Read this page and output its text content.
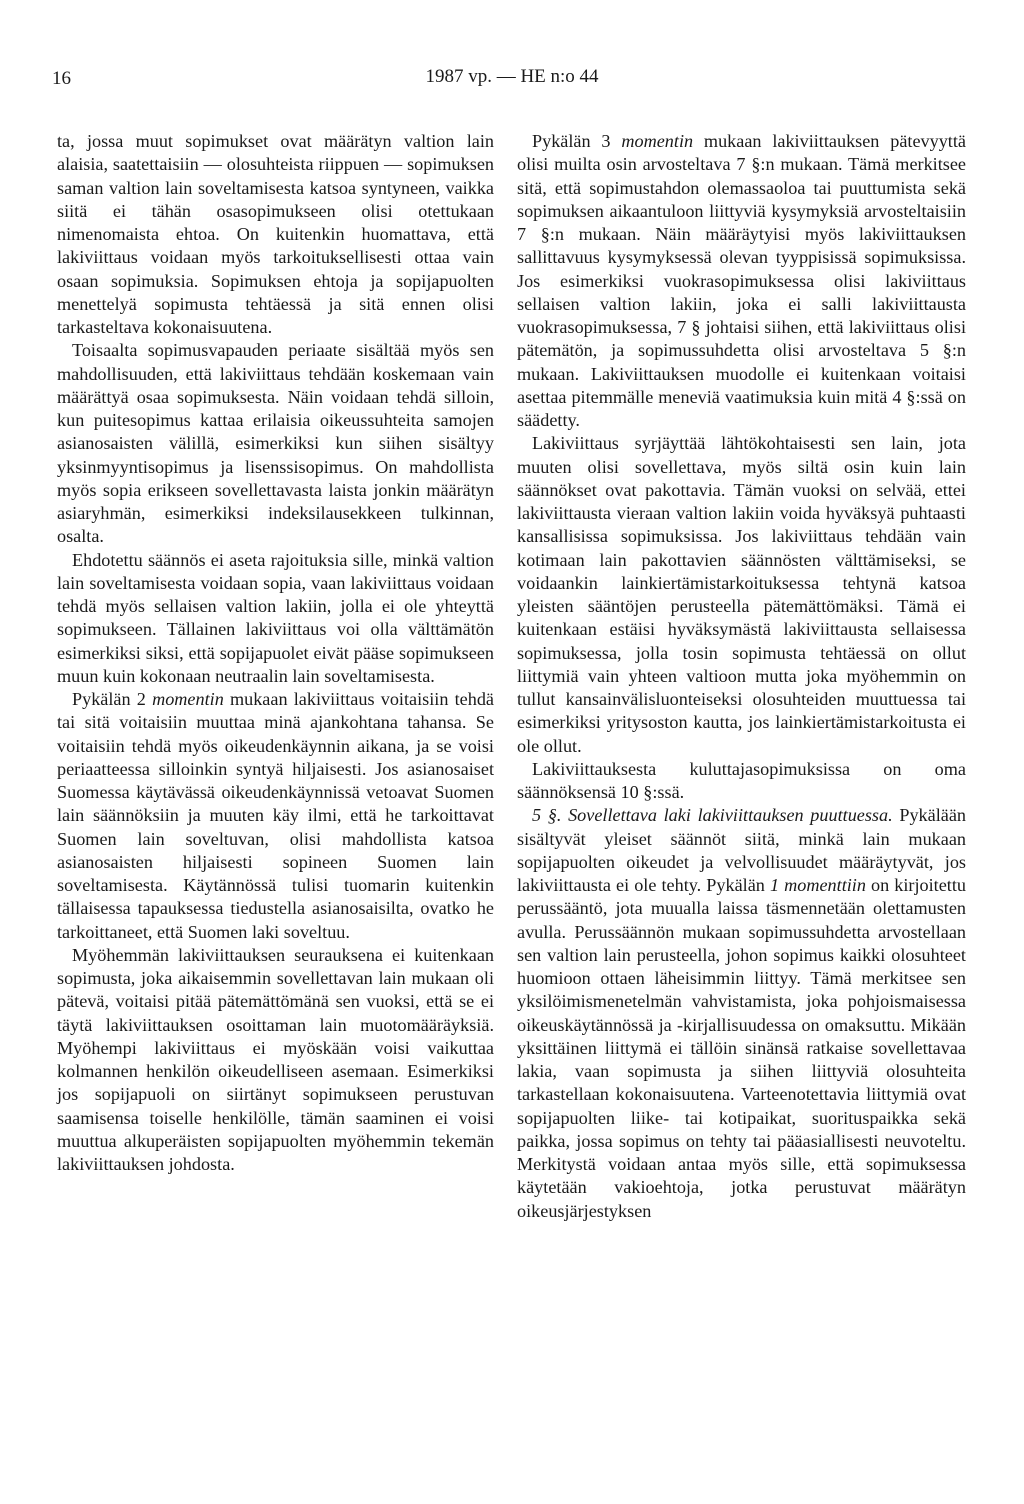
16	1987 vp. — HE n:o 44

ta, jossa muut sopimukset ovat määrätyn valtion lain alaisia, saatettaisiin — olosuhteista riippuen — sopimuksen saman valtion lain soveltamisesta katsoa syntyneen, vaikka siitä ei tähän osasopimukseen olisi otettukaan nimenomaista ehtoa. On kuitenkin huomattava, että lakiviittaus voidaan myös tarkoituksellisesti ottaa vain osaan sopimuksia. Sopimuksen ehtoja ja sopijapuolten menettelyä sopimusta tehtäessä ja sitä ennen olisi tarkasteltava kokonaisuutena.

Toisaalta sopimusvapauden periaate sisältää myös sen mahdollisuuden, että lakiviittaus tehdään koskemaan vain määrättyä osaa sopimuksesta. Näin voidaan tehdä silloin, kun puitesopimus kattaa erilaisia oikeussuhteita samojen asianosaisten välillä, esimerkiksi kun siihen sisältyy yksinmyyntisopimus ja lisenssisopimus. On mahdollista myös sopia erikseen sovellettavasta laista jonkin määrätyn asiaryhmän, esimerkiksi indeksilausekkeen tulkinnan, osalta.

Ehdotettu säännös ei aseta rajoituksia sille, minkä valtion lain soveltamisesta voidaan sopia, vaan lakiviittaus voidaan tehdä myös sellaisen valtion lakiin, jolla ei ole yhteyttä sopimukseen. Tällainen lakiviittaus voi olla välttämätön esimerkiksi siksi, että sopijapuolet eivät pääse sopimukseen muun kuin kokonaan neutraalin lain soveltamisesta.

Pykälän 2 momentin mukaan lakiviittaus voitaisiin tehdä tai sitä voitaisiin muuttaa minä ajankohtana tahansa. Se voitaisiin tehdä myös oikeudenkäynnin aikana, ja se voisi periaatteessa silloinkin syntyä hiljaisesti. Jos asianosaiset Suomessa käytävässä oikeudenkäynnissä vetoavat Suomen lain säännöksiin ja muuten käy ilmi, että he tarkoittavat Suomen lain soveltuvan, olisi mahdollista katsoa asianosaisten hiljaisesti sopineen Suomen lain soveltamisesta. Käytännössä tulisi tuomarin kuitenkin tällaisessa tapauksessa tiedustella asianosaisilta, ovatko he tarkoittaneet, että Suomen laki soveltuu.

Myöhemmän lakiviittauksen seurauksena ei kuitenkaan sopimusta, joka aikaisemmin sovellettavan lain mukaan oli pätevä, voitaisi pitää pätemättömänä sen vuoksi, että se ei täytä lakiviittauksen osoittaman lain muotomääräyksiä. Myöhempi lakiviittaus ei myöskään voisi vaikuttaa kolmannen henkilön oikeudelliseen asemaan. Esimerkiksi jos sopijapuoli on siirtänyt sopimukseen perustuvan saamisensa toiselle henkilölle, tämän saaminen ei voisi muuttua alkuperäisten sopijapuolten myöhemmin tekemän lakiviittauksen johdosta.

Pykälän 3 momentin mukaan lakiviittauksen pätevyyttä olisi muilta osin arvosteltava 7 §:n mukaan. Tämä merkitsee sitä, että sopimustahdon olemassaoloa tai puuttumista sekä sopimuksen aikaantuloon liittyviä kysymyksiä arvosteltaisiin 7 §:n mukaan. Näin määräytyisi myös lakiviittauksen sallittavuus kysymyksessä olevan tyyppisissä sopimuksissa. Jos esimerkiksi vuokrasopimuksessa olisi lakiviittaus sellaisen valtion lakiin, joka ei salli lakiviittausta vuokrasopimuksessa, 7 § johtaisi siihen, että lakiviittaus olisi pätemätön, ja sopimussuhdetta olisi arvosteltava 5 §:n mukaan. Lakiviittauksen muodolle ei kuitenkaan voitaisi asettaa pitemmälle meneviä vaatimuksia kuin mitä 4 §:ssä on säädetty.

Lakiviittaus syrjäyttää lähtökohtaisesti sen lain, jota muuten olisi sovellettava, myös siltä osin kuin lain säännökset ovat pakottavia. Tämän vuoksi on selvää, ettei lakiviittausta vieraan valtion lakiin voida hyväksyä puhtaasti kansallisissa sopimuksissa. Jos lakiviittaus tehdään vain kotimaan lain pakottavien säännösten välttämiseksi, se voidaankin lainkiertämistarkoituksessa tehtynä katsoa yleisten sääntöjen perusteella pätemättömäksi. Tämä ei kuitenkaan estäisi hyväksymästä lakiviittausta sellaisessa sopimuksessa, jolla tosin sopimusta tehtäessä on ollut liittymiä vain yhteen valtioon mutta joka myöhemmin on tullut kansainvälisluonteiseksi olosuhteiden muuttuessa tai esimerkiksi yritysoston kautta, jos lainkiertämistarkoitusta ei ole ollut.

Lakiviittauksesta kuluttajasopimuksissa on oma säännöksensä 10 §:ssä.

5 §. Sovellettava laki lakiviittauksen puuttuessa. Pykälään sisältyvät yleiset säännöt siitä, minkä lain mukaan sopijapuolten oikeudet ja velvollisuudet määräytyvät, jos lakiviittausta ei ole tehty. Pykälän 1 momenttiin on kirjoitettu perussääntö, jota muualla laissa täsmennetään olettamusten avulla. Perussäännön mukaan sopimussuhdetta arvostellaan sen valtion lain perusteella, johon sopimus kaikki olosuhteet huomioon ottaen läheisimmin liittyy. Tämä merkitsee sen yksilöimismenetelmän vahvistamista, joka pohjoismaisessa oikeuskäytännössä ja -kirjallisuudessa on omaksuttu. Mikään yksittäinen liittymä ei tällöin sinänsä ratkaise sovellettavaa lakia, vaan sopimusta ja siihen liittyviä olosuhteita tarkastellaan kokonaisuutena. Varteenotettavia liittymiä ovat sopijapuolten liike- tai kotipaikat, suorituspaikka sekä paikka, jossa sopimus on tehty tai pääasiallisesti neuvoteltu. Merkitystä voidaan antaa myös sille, että sopimuksessa käytetään vakioehtoja, jotka perustuvat määrätyn oikeusjärjestyksen
